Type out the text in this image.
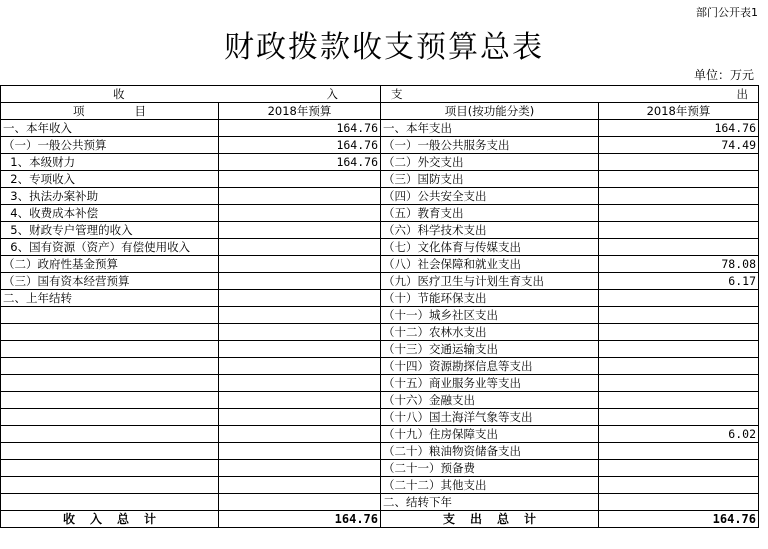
部门公开表1
财政拨款收支预算总表
单位：万元
收 入		支 出	

项 目	2018年预算	项目(按功能分类)	2018年预算
一、本年收入	164.76	一、本年支出	164.76
（一）一般公共预算	164.76	（一）一般公共服务支出	74.49
1、本级财力	164.76	（二）外交支出	
2、专项收入		（三）国防支出	
3、执法办案补助		（四）公共安全支出	
4、收费成本补偿		（五）教育支出	
5、财政专户管理的收入		（六）科学技术支出	
6、国有资源（资产）有偿使用收入		（七）文化体育与传媒支出	
（二）政府性基金预算		（八）社会保障和就业支出	78.08
（三）国有资本经营预算		（九）医疗卫生与计划生育支出	6.17
二、上年结转		（十）节能环保支出	
		（十一）城乡社区支出	
		（十二）农林水支出	
		（十三）交通运输支出	
		（十四）资源勘探信息等支出	
		（十五）商业服务业等支出	
		（十六）金融支出	
		（十八）国土海洋气象等支出	
		（十九）住房保障支出	6.02
		（二十）粮油物资储备支出	
		（二十一）预备费	
		（二十二）其他支出	
		二、结转下年	

收 入 总 计	164.76	支 出 总 计	164.76
